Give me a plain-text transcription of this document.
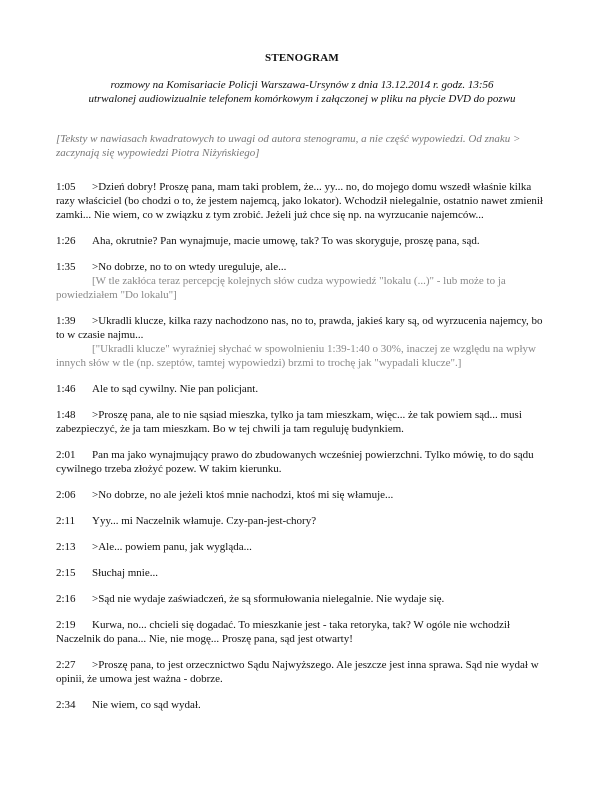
STENOGRAM
rozmowy na Komisariacie Policji Warszawa-Ursynów z dnia 13.12.2014 r. godz. 13:56
utrwalonej audiowizualnie telefonem komórkowym i załączonej w pliku na płycie DVD do pozwu
[Teksty w nawiasach kwadratowych to uwagi od autora stenogramu, a nie część wypowiedzi. Od znaku > zaczynają się wypowiedzi Piotra Niżyńskiego]
1:05 >Dzień dobry! Proszę pana, mam taki problem, że... yy... no, do mojego domu wszedł właśnie kilka razy właściciel (bo chodzi o to, że jestem najemcą, jako lokator). Wchodził nielegalnie, ostatnio nawet zmienił zamki... Nie wiem, co w związku z tym zrobić. Jeżeli już chce się np. na wyrzucanie najemców...
1:26 Aha, okrutnie? Pan wynajmuje, macie umowę, tak? To was skoryguje, proszę pana, sąd.
1:35 >No dobrze, no to on wtedy ureguluje, ale...
[W tle zakłóca teraz percepcję kolejnych słów cudza wypowiedź "lokalu (...)" - lub może to ja powiedziałem "Do lokalu"]
1:39 >Ukradli klucze, kilka razy nachodzono nas, no to, prawda, jakieś kary są, od wyrzucenia najemcy, bo to w czasie najmu...
["Ukradli klucze" wyraźniej słychać w spowolnieniu 1:39-1:40 o 30%, inaczej ze względu na wpływ innych słów w tle (np. szeptów, tamtej wypowiedzi) brzmi to trochę jak "wypadali klucze".]
1:46 Ale to sąd cywilny. Nie pan policjant.
1:48 >Proszę pana, ale to nie sąsiad mieszka, tylko ja tam mieszkam, więc... że tak powiem sąd... musi zabezpieczyć, że ja tam mieszkam. Bo w tej chwili ja tam reguluję budynkiem.
2:01 Pan ma jako wynajmujący prawo do zbudowanych wcześniej powierzchni. Tylko mówię, to do sądu cywilnego trzeba złożyć pozew. W takim kierunku.
2:06 >No dobrze, no ale jeżeli ktoś mnie nachodzi, ktoś mi się włamuje...
2:11 Yyy... mi Naczelnik włamuje. Czy-pan-jest-chory?
2:13 >Ale... powiem panu, jak wygląda...
2:15 Słuchaj mnie...
2:16 >Sąd nie wydaje zaświadczeń, że są sformułowania nielegalnie. Nie wydaje się.
2:19 Kurwa, no... chcieli się dogadać. To mieszkanie jest - taka retoryka, tak? W ogóle nie wchodził Naczelnik do pana... Nie, nie mogę... Proszę pana, sąd jest otwarty!
2:27 >Proszę pana, to jest orzecznictwo Sądu Najwyższego. Ale jeszcze jest inna sprawa. Sąd nie wydał w opinii, że umowa jest ważna - dobrze.
2:34 Nie wiem, co sąd wydał.
